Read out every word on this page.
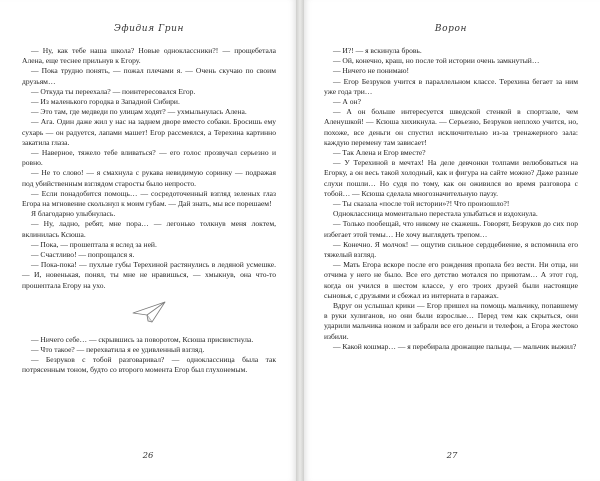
Эфидия Грин

— Ну, как тебе наша школа? Новые одноклассники?! — прощебетала Алена, еще теснее прильнув к Егору.

— Пока трудно понять, — пожал плечами я. — Очень скучаю по своим друзьям…

— Откуда ты переехала? — поинтересовался Егор.

— Из маленького городка в Западной Сибири.

— Это там, где медведи по улицам ходят? — ухмыльнулась Алена.

— Ага. Один даже жил у нас на заднем дворе вместо собаки. Бросишь ему сухарь — он радуется, лапами машет! Егор рассмеялся, а Терехина картинно закатила глаза.

— Наверное, тяжело тебе вливаться? — его голос прозвучал серьезно и ровно.

— Не то слово! — я смахнула с рукава невидимую соринку — подражая под убийственным взглядом старосты было непросто.

— Если понадобится помощь… — сосредоточенный взгляд зеленых глаз Егора на мгновение скользнул к моим губам. — Дай знать, мы все порешаем!

Я благодарно улыбнулась.

— Ну, ладно, ребят, мне пора… — легонько толкнув меня локтем, вклинилась Ксюша.

— Пока, — прошептала я вслед за ней.

— Счастливо! — попрощался я.

— Пока-пока! — пухлые губы Терехиной растянулись в ледяной усмешке. — И, новенькая, понял, ты мне не нравишься, — хмыкнув, она что-то прошептала Егору на ухо.

— Ничего себе… — скрывшись за поворотом, Ксюша присвистнула.

— Что такое? — перехватила я ее удивленный взгляд.

— Безруков с тобой разговаривал? — одноклассница была так потрясенным тоном, будто со второго момента Егор был глухонемым.

26
Ворон

— И?! — я вскинула бровь.

— Ой, конечно, краш, но после той истории очень замкнутый…

— Ничего не понимаю!

— Егор Безруков учится в параллельном классе. Терехина бегает за ним уже года три…

— А он?

— А он больше интересуется шведской стенкой в спортзале, чем Аленушкой! — Ксюша хихикнула. — Серьезно, Безруков неплохо учится, но, похоже, все деньги он спустил исключительно из-за тренажерного зала: каждую перемену там зависает!

— Так Алена и Егор вместе?

— У Терехиной в мечтах! На деле девчонки толпами велюбоваться на Егорку, а он весь такой холодный, как и фигура на сайте можно? Даже разные слухи пошли… Но судя по тому, как он оживился во время разговора с тобой… — Ксюша сделала многозначительную паузу.

— Ты сказала «после той истории»?! Что произошло?!

Одноклассница моментально перестала улыбаться и вздохнула.

— Только пообещай, что никому не скажешь. Говорят, Безруков до сих пор избегает этой темы… Не хочу выглядеть трепом…

— Конечно. Я молчок! — ощутив сильное сердцебиение, я вспомнила его тяжелый взгляд.

— Мать Егора вскоре после его рождения пропала без вести. Ни отца, ни отчима у него не было. Все его детство мотался по приютам… А этот год, когда он учился в шестом классе, у его троих друзей были настоящие сыновья, с друзьями и сбежал из интерната в гаражах.

Вдруг он услышал крики — Егор пришел на помощь мальчику, попавшему в руки хулиганов, но они были взрослые… Перед тем как скрыться, они ударили мальчика ножом и забрали все его деньги и телефон, а Егора жестоко избили.

— Какой кошмар… — я перебирала дрожащие пальцы, — мальчик выжил?

27
